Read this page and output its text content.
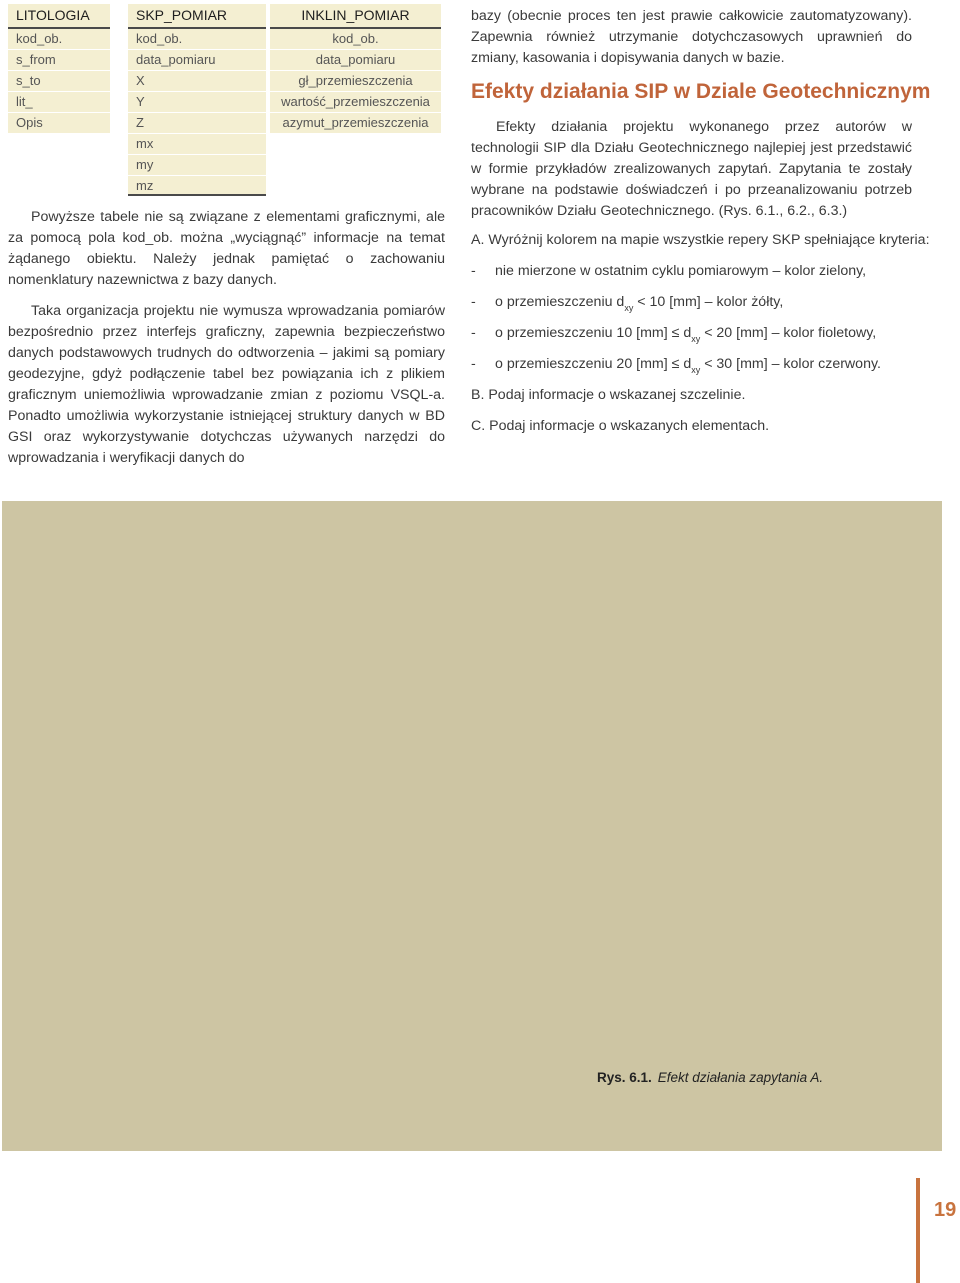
LITOLOGIA
kod_ob.
s_from
s_to
lit_
Opis
SKP_POMIAR
kod_ob.
data_pomiaru
X
Y
Z
mx
my
mz
INKLIN_POMIAR
kod_ob.
data_pomiaru
gł_przemieszczenia
wartość_przemieszczenia
azymut_przemieszczenia

Powyższe tabele nie są związane z elementami graficznymi, ale za pomocą pola kod_ob. można „wyciągnąć” informacje na temat żądanego obiektu. Należy jednak pamiętać o zachowaniu nomenklatury nazewnictwa z bazy danych.

Taka organizacja projektu nie wymusza wprowadzania pomiarów bezpośrednio przez interfejs graficzny, zapewnia bezpieczeństwo danych podstawowych trudnych do odtworzenia – jakimi są pomiary geodezyjne, gdyż podłączenie tabel bez powiązania ich z plikiem graficznym uniemożliwia wprowadzanie zmian z poziomu VSQL-a. Ponadto umożliwia wykorzystanie istniejącej struktury danych w BD GSI oraz wykorzystywanie dotychczas używanych narzędzi do wprowadzania i weryfikacji danych do

bazy (obecnie proces ten jest prawie całkowicie zautomatyzowany). Zapewnia również utrzymanie dotychczasowych uprawnień do zmiany, kasowania i dopisywania danych w bazie.

Efekty działania SIP w Dziale Geotechnicznym

Efekty działania projektu wykonanego przez autorów w technologii SIP dla Działu Geotechnicznego najlepiej jest przedstawić w formie przykładów zrealizowanych zapytań. Zapytania te zostały wybrane na podstawie doświadczeń i po przeanalizowaniu potrzeb pracowników Działu Geotechnicznego. (Rys. 6.1., 6.2., 6.3.)

A. Wyróżnij kolorem na mapie wszystkie repery SKP spełniające kryteria:
- nie mierzone w ostatnim cyklu pomiarowym – kolor zielony,
- o przemieszczeniu $d_{xy} < 10$ [mm] – kolor żółty,
- o przemieszczeniu 10 $[mm] \le d_{xy} < 20$ [mm] – kolor fioletowy,
- o przemieszczeniu 20 $[mm] \le d_{xy} < 30$ [mm] – kolor czerwony.
B. Podaj informacje o wskazanej szczelinie.
C. Podaj informacje o wskazanych elementach.
Rys. 6.1. Efekt działania zapytania A.
19
